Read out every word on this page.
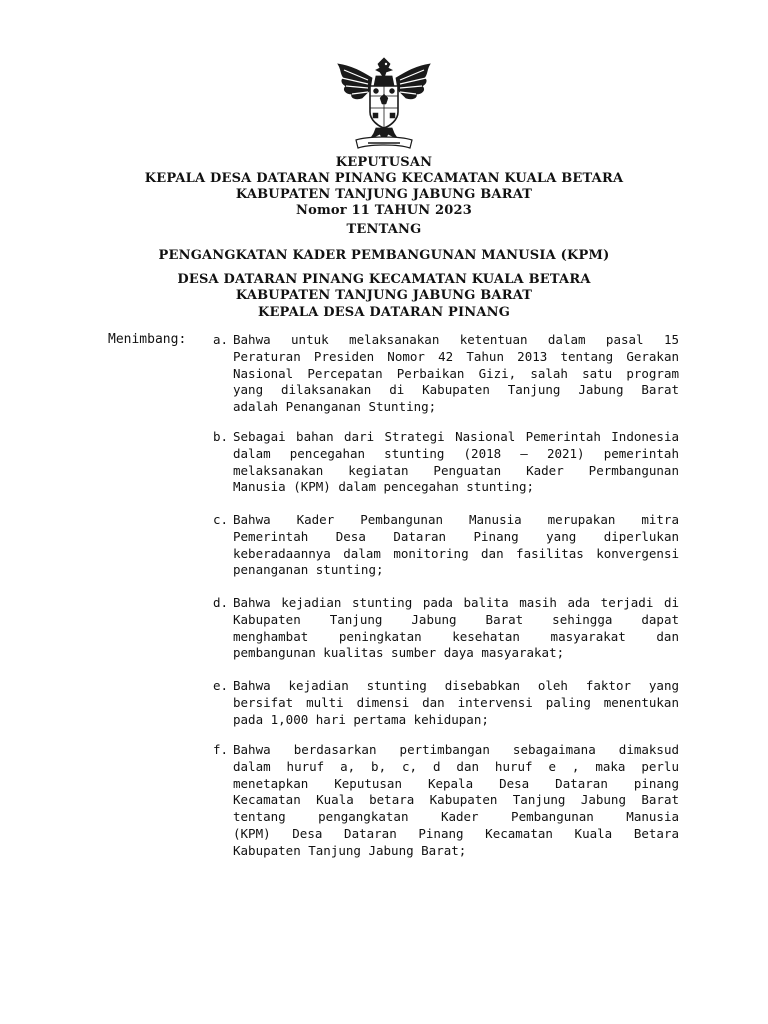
KEPUTUSAN
KEPALA DESA DATARAN PINANG KECAMATAN KUALA BETARA
KABUPATEN TANJUNG JABUNG BARAT
Nomor 11 TAHUN 2023
TENTANG
PENGANGKATAN KADER PEMBANGUNAN MANUSIA (KPM)
DESA DATARAN PINANG KECAMATAN KUALA BETARA
KABUPATEN TANJUNG JABUNG BARAT
KEPALA DESA DATARAN PINANG
Menimbang: a. Bahwa untuk melaksanakan ketentuan dalam pasal 15
Peraturan Presiden Nomor 42 Tahun 2013 tentang Gerakan
Nasional Percepatan Perbaikan Gizi, salah satu program
yang dilaksanakan di Kabupaten Tanjung Jabung Barat
adalah Penanganan Stunting;
b. Sebagai bahan dari Strategi Nasional Pemerintah Indonesia
dalam pencegahan stunting (2018 – 2021) pemerintah
melaksanakan kegiatan Penguatan Kader Permbangunan
Manusia (KPM) dalam pencegahan stunting;
c. Bahwa Kader Pembangunan Manusia merupakan mitra
Pemerintah Desa Dataran Pinang yang diperlukan
keberadaannya dalam monitoring dan fasilitas konvergensi
penanganan stunting;
d. Bahwa kejadian stunting pada balita masih ada terjadi di
Kabupaten Tanjung Jabung Barat sehingga dapat
menghambat peningkatan kesehatan masyarakat dan
pembangunan kualitas sumber daya masyarakat;
e. Bahwa kejadian stunting disebabkan oleh faktor yang
bersifat multi dimensi dan intervensi paling menentukan
pada 1,000 hari pertama kehidupan;
f. Bahwa berdasarkan pertimbangan sebagaimana dimaksud
dalam huruf a, b, c, d dan huruf e , maka perlu
menetapkan Keputusan Kepala Desa Dataran pinang
Kecamatan Kuala betara Kabupaten Tanjung Jabung Barat
tentang pengangkatan Kader Pembangunan Manusia
(KPM) Desa Dataran Pinang Kecamatan Kuala Betara
Kabupaten Tanjung Jabung Barat;
